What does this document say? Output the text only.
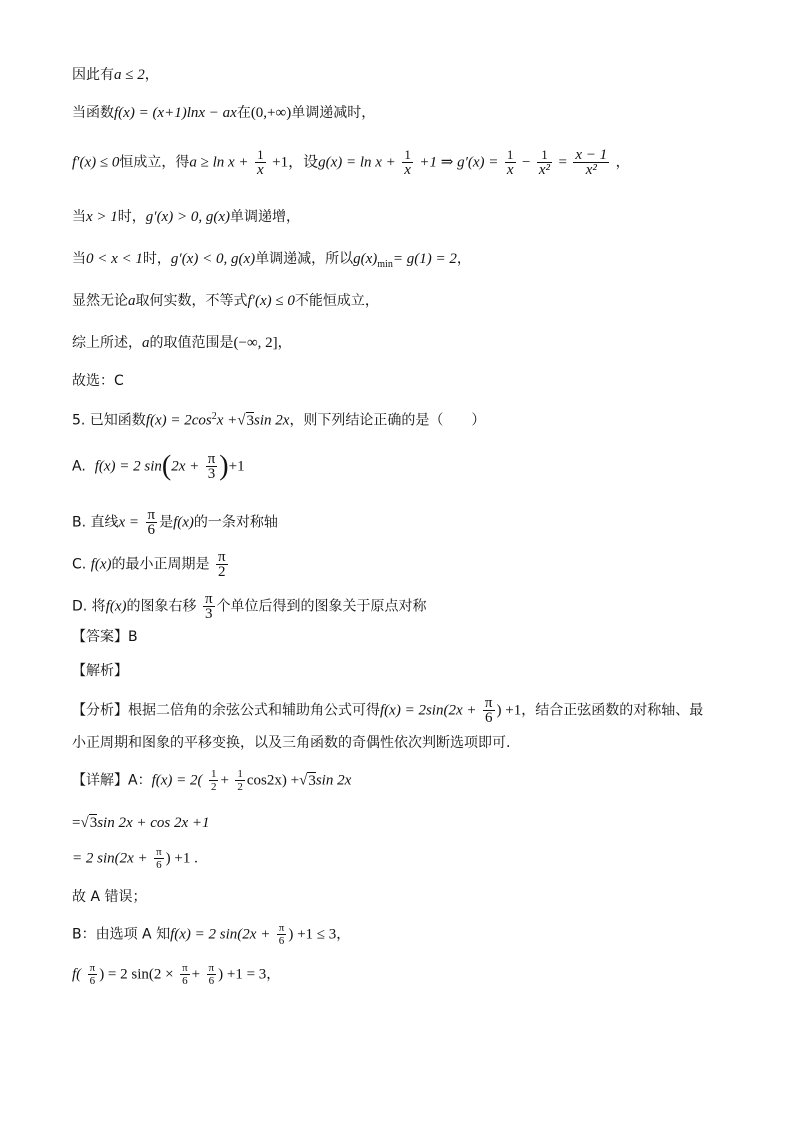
因此有a ≤ 2，
当函数f(x) = (x+1)lnx − ax在(0,+∞)单调递减时，
f′(x) ≤ 0恒成立，得$a \ge \ln x + \frac{1}{x} +1$，设$g(x) = \ln x + \frac{1}{x} +1$ ⇒ $g'(x) = \frac{1}{x} - \frac{1}{\text{x²}} = \frac{x - 1}{\text{x²}}$ ，
当x > 1时，g′(x) > 0, g(x)单调递增，
当0 < x < 1时，g′(x) < 0, g(x)单调递减，所以$g(x)_{min}= g(1) = 2$，
显然无论a取何实数，不等式f′(x) ≤ 0不能恒成立，
综上所述，a的取值范围是(−∞, 2]，
故选：C
5. 已知函数$f(x) = 2\cos^2x +√3\sin$ 2x，则下列结论正确的是（　　）
A. f(x) = 2 $\sin(2x + \frac{\pi}{3} )+1$
B. 直线$x = \frac{\pi}{6}$ 是f(x)的一条对称轴
C. f(x)的最小正周期是 $\frac{\pi}{2}$
D. 将f(x)的图象右移 $\frac{\pi}{3}$ 个单位后得到的图象关于原点对称
【答案】B
【解析】
【分析】根据二倍角的余弦公式和辅助角公式可得$f(x) = 2\sin(2x + \frac{\pi}{6}$ ) +1，结合正弦函数的对称轴、最
小正周期和图象的平移变换，以及三角函数的奇偶性依次判断选项即可.
【详解】A：$f(x) = 2( \frac{1}{2} + \frac{1}{2} \cos 2x) +√3\sin$ 2x
=√3sin 2x + cos 2x +1
= 2 $\sin(2x + \frac{\pi}{6}$ ) +1 .
故 A 错误；
B：由选项 A 知f(x) = 2 $\sin(2x + \frac{\pi}{6}$ ) +1 ≤ 3，
$f( \frac{\pi}{6}$ ) = 2 $\sin(2 \times \frac{\pi}{6} + \frac{\pi}{6}$ ) +1 = 3，
